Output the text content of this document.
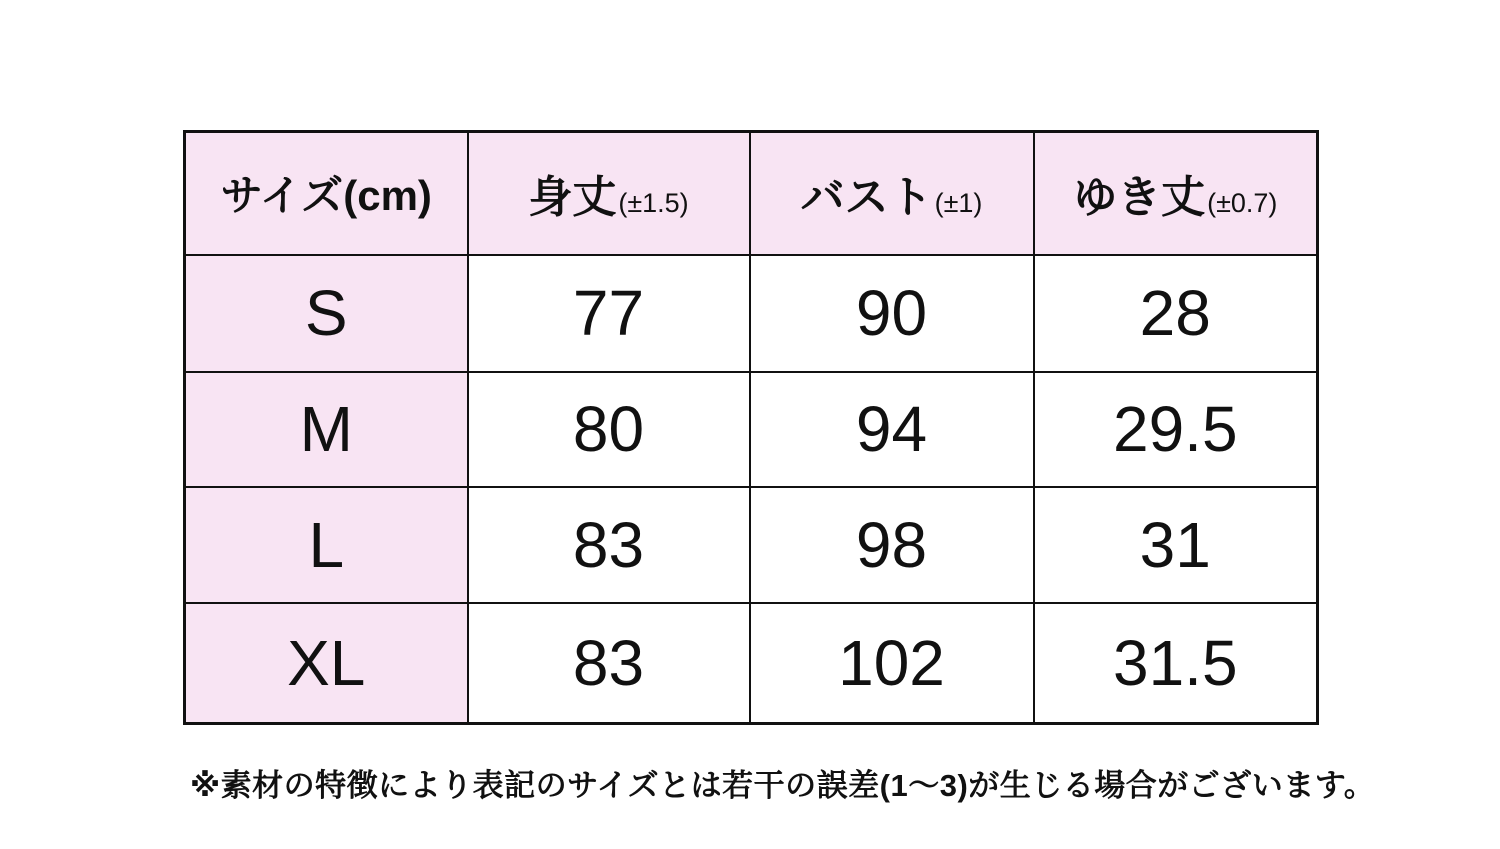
サイズ(cm)	身丈(±1.5)	バスト(±1)	ゆき丈(±0.7)
S	77	90	28
M	80	94	29.5
L	83	98	31
XL	83	102	31.5
※素材の特徴により表記のサイズとは若干の誤差(1～3)が生じる場合がございます。
